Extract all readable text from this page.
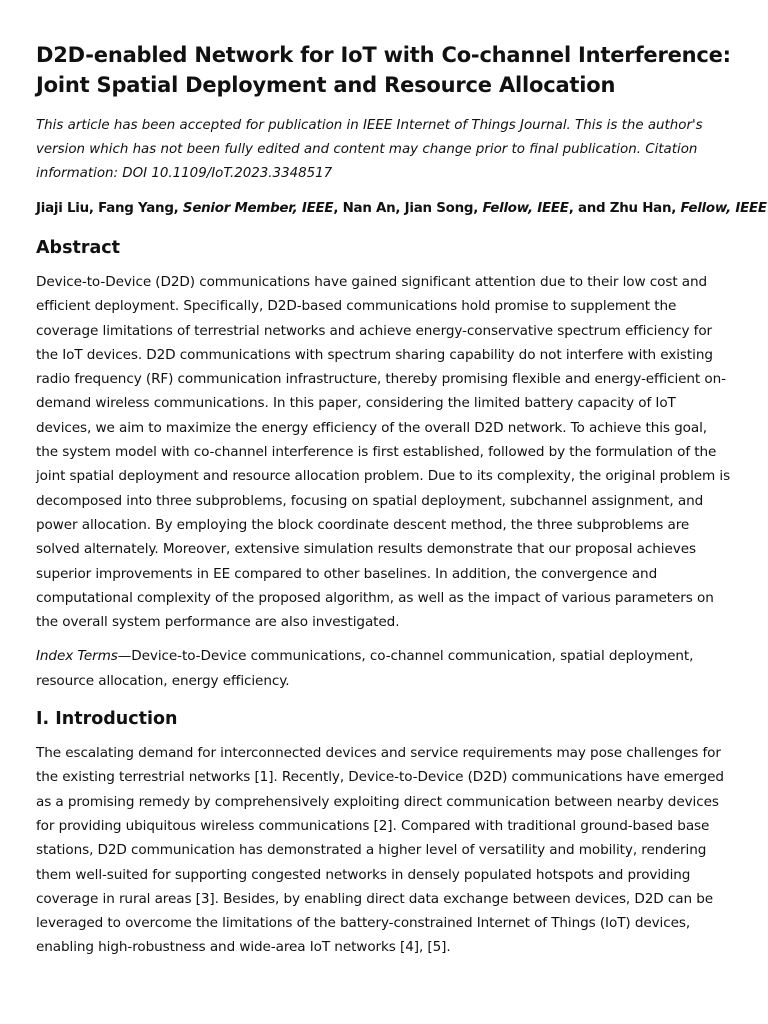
D2D-enabled Network for IoT with Co-channel Interference: Joint Spatial Deployment and Resource Allocation

This article has been accepted for publication in IEEE Internet of Things Journal. This is the author's version which has not been fully edited and content may change prior to final publication. Citation information: DOI 10.1109/IoT.2023.3348517

Jiaji Liu, Fang Yang, Senior Member, IEEE, Nan An, Jian Song, Fellow, IEEE, and Zhu Han, Fellow, IEEE

Abstract

Device-to-Device (D2D) communications have gained significant attention due to their low cost and efficient deployment. Specifically, D2D-based communications hold promise to supplement the coverage limitations of terrestrial networks and achieve energy-conservative spectrum efficiency for the IoT devices. D2D communications with spectrum sharing capability do not interfere with existing radio frequency (RF) communication infrastructure, thereby promising flexible and energy-efficient on-demand wireless communications. In this paper, considering the limited battery capacity of IoT devices, we aim to maximize the energy efficiency of the overall D2D network. To achieve this goal, the system model with co-channel interference is first established, followed by the formulation of the joint spatial deployment and resource allocation problem. Due to its complexity, the original problem is decomposed into three subproblems, focusing on spatial deployment, subchannel assignment, and power allocation. By employing the block coordinate descent method, the three subproblems are solved alternately. Moreover, extensive simulation results demonstrate that our proposal achieves superior improvements in EE compared to other baselines. In addition, the convergence and computational complexity of the proposed algorithm, as well as the impact of various parameters on the overall system performance are also investigated.

Index Terms—Device-to-Device communications, co-channel communication, spatial deployment, resource allocation, energy efficiency.

I. Introduction

The escalating demand for interconnected devices and service requirements may pose challenges for the existing terrestrial networks [1]. Recently, Device-to-Device (D2D) communications have emerged as a promising remedy by comprehensively exploiting direct communication between nearby devices for providing ubiquitous wireless communications [2]. Compared with traditional ground-based base stations, D2D communication has demonstrated a higher level of versatility and mobility, rendering them well-suited for supporting congested networks in densely populated hotspots and providing coverage in rural areas [3]. Besides, by enabling direct data exchange between devices, D2D can be leveraged to overcome the limitations of the battery-constrained Internet of Things (IoT) devices, enabling high-robustness and wide-area IoT networks [4], [5].
